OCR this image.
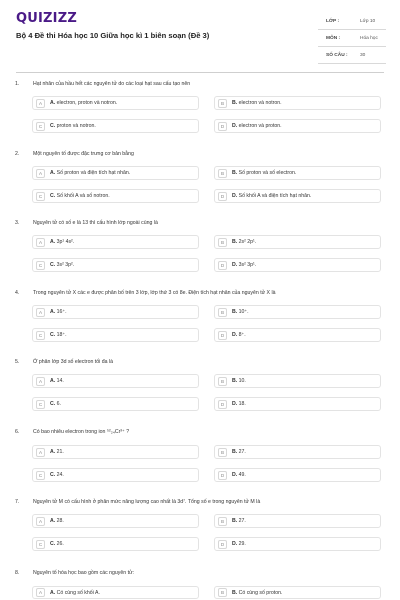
QUIZIZZ
Bộ 4 Đề thi Hóa học 10 Giữa học kì 1 biên soạn (Đề 3)
LỚP :	Lớp 10
MÔN :	Hóa học
SỐ CÂU :	30
1.	Hạt nhân của hầu hết các nguyên tử do các loại hạt sau cấu tạo nên
A	A. electron, proton và notron.	B	B. electron và notron.
C	C. proton và notron.	D	D. electron và proton.
2.	Một nguyên tố được đặc trưng cơ bản bằng
A	A. Số proton và điện tích hạt nhân.	B	B. Số proton và số electron.
C	C. Số khối A và số notron.	D	D. Số khối A và điện tích hạt nhân.
3.	Nguyên tử có số e là 13 thì cấu hình lớp ngoài cùng là
A	A. 3p¹ 4s².	B	B. 2s² 2p¹.
C	C. 3s² 3p².	D	D. 3s² 3p¹.
4.	Trong nguyên tử X các e được phân bố trên 3 lớp, lớp thứ 3 có 8e. Điện tích hạt nhân của nguyên tử X là
A	A. 16⁺.	B	B. 10⁺.
C	C. 18⁺.	D	D. 8⁺.
5.	Ở phân lớp 3d số electron tối đa là
A	A. 14.	B	B. 10.
C	C. 6.	D	D. 18.
6.	Có bao nhiêu electron trong ion ⁵²₂₄Cr³⁺ ?
A	A. 21.	B	B. 27.
C	C. 24.	D	D. 49.
7.	Nguyên tử M có cấu hình ở phân mức năng lượng cao nhất là 3d⁷. Tổng số e trong nguyên tử M là
A	A. 28.	B	B. 27.
C	C. 26.	D	D. 29.
8.	Nguyên tố hóa học bao gồm các nguyên tử:
A	A. Có cùng số khối A.	B	B. Có cùng số proton.
